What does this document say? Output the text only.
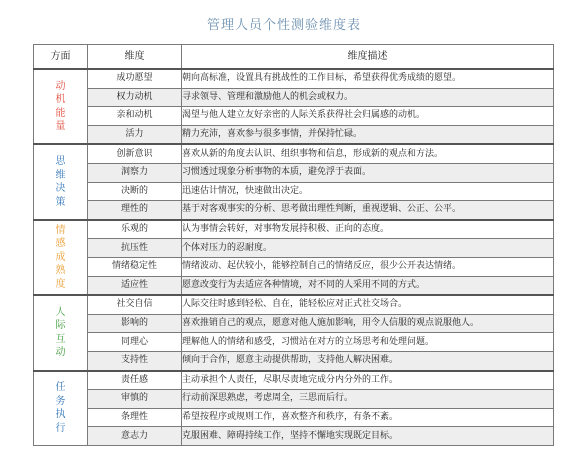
管理人员个性测验维度表
方面	维度	维度描述
动机能量	成功愿望	朝向高标准，设置具有挑战性的工作目标，希望获得优秀成绩的愿望。
	权力动机	寻求领导、管理和激励他人的机会或权力。
	亲和动机	渴望与他人建立友好亲密的人际关系获得社会归属感的动机。
	活力	精力充沛，喜欢参与很多事情，并保持忙碌。
思维决策	创新意识	喜欢从新的角度去认识、组织事物和信息，形成新的观点和方法。
	洞察力	习惯透过现象分析事物的本质，避免浮于表面。
	决断的	迅速估计情况，快速做出决定。
	理性的	基于对客观事实的分析、思考做出理性判断，重视逻辑、公正、公平。
情感成熟度	乐观的	认为事情会转好，对事物发展持积极、正向的态度。
	抗压性	个体对压力的忍耐度。
	情绪稳定性	情绪波动、起伏较小，能够控制自己的情绪反应，很少公开表达情绪。
	适应性	愿意改变行为去适应各种情境，对不同的人采用不同的方式。
人际互动	社交自信	人际交往时感到轻松、自在，能轻松应对正式社交场合。
	影响的	喜欢推销自己的观点，愿意对他人施加影响，用令人信服的观点说服他人。
	同理心	理解他人的情绪和感受，习惯站在对方的立场思考和处理问题。
	支持性	倾向于合作，愿意主动提供帮助，支持他人解决困难。
任务执行	责任感	主动承担个人责任，尽职尽责地完成分内分外的工作。
	审慎的	行动前深思熟虑，考虑周全，三思而后行。
	条理性	希望按程序或规则工作，喜欢整齐和秩序，有条不紊。
	意志力	克服困难、障碍持续工作，坚持不懈地实现既定目标。
